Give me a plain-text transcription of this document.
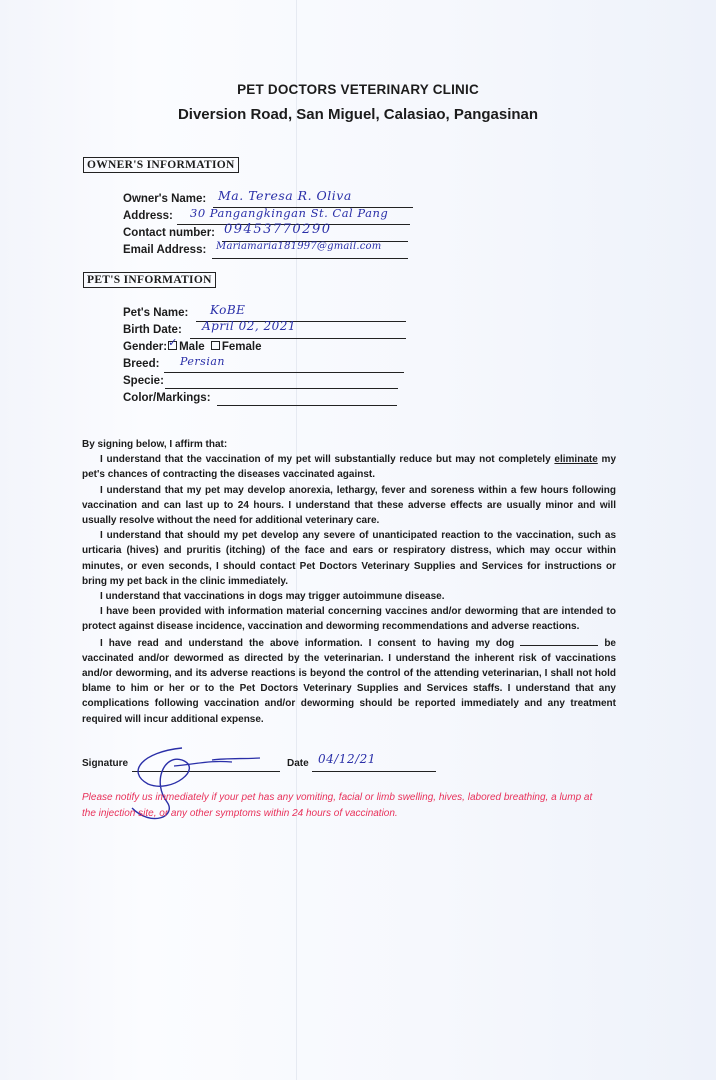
PET DOCTORS VETERINARY CLINIC
Diversion Road, San Miguel, Calasiao, Pangasinan
OWNER'S INFORMATION
Owner's Name: Ma. Teresa R. Oliva
Address: 30 Pangangkingan St. Cal Pang
Contact number: 09453770290
Email Address: Mariamaria181997@gmail.com
PET'S INFORMATION
Pet's Name: KoBE
Birth Date: April 02, 2021
Gender: ✓ Male Female
Breed: Persian
Specie:
Color/Markings:

By signing below, I affirm that:

I understand that the vaccination of my pet will substantially reduce but may not completely eliminate my pet's chances of contracting the diseases vaccinated against.

I understand that my pet may develop anorexia, lethargy, fever and soreness within a few hours following vaccination and can last up to 24 hours. I understand that these adverse effects are usually minor and will usually resolve without the need for additional veterinary care.

I understand that should my pet develop any severe of unanticipated reaction to the vaccination, such as urticaria (hives) and pruritis (itching) of the face and ears or respiratory distress, which may occur within minutes, or even seconds, I should contact Pet Doctors Veterinary Supplies and Services for instructions or bring my pet back in the clinic immediately.

I understand that vaccinations in dogs may trigger autoimmune disease.

I have been provided with information material concerning vaccines and/or deworming that are intended to protect against disease incidence, vaccination and deworming recommendations and adverse reactions.

I have read and understand the above information. I consent to having my dog	be vaccinated and/or dewormed as directed by the veterinarian. I understand the inherent risk of vaccinations and/or deworming, and its adverse reactions is beyond the control of the attending veterinarian, I shall not hold blame to him or her or to the Pet Doctors Veterinary Supplies and Services staffs. I understand that any complications following vaccination and/or deworming should be reported immediately and any treatment required will incur additional expense.

Signature	Date 04/12/21
Please notify us immediately if your pet has any vomiting, facial or limb swelling, hives, labored breathing, a lump at the injection site, or any other symptoms within 24 hours of vaccination.
